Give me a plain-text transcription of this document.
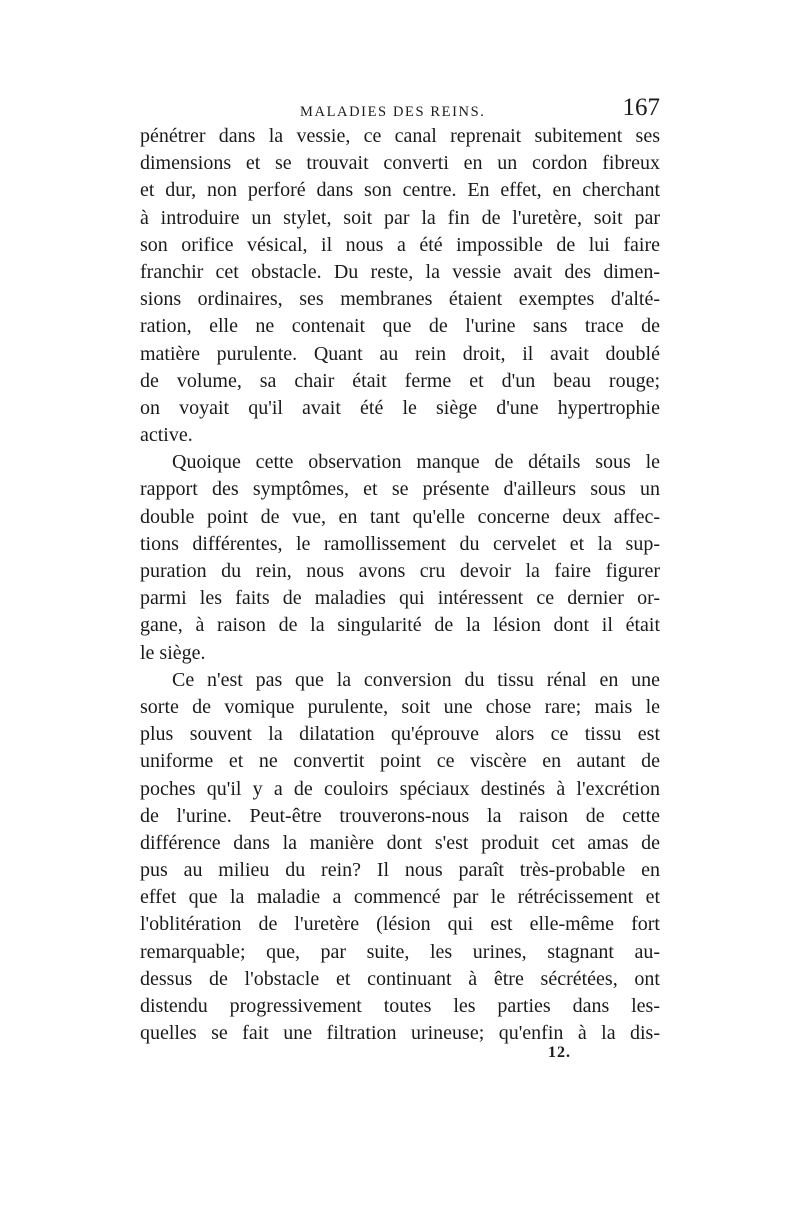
MALADIES DES REINS.	167
pénétrer dans la vessie, ce canal reprenait subitement ses
dimensions et se trouvait converti en un cordon fibreux
et dur, non perforé dans son centre. En effet, en cherchant
à introduire un stylet, soit par la fin de l'uretère, soit par
son orifice vésical, il nous a été impossible de lui faire
franchir cet obstacle. Du reste, la vessie avait des dimen-
sions ordinaires, ses membranes étaient exemptes d'alté-
ration, elle ne contenait que de l'urine sans trace de
matière purulente. Quant au rein droit, il avait doublé
de volume, sa chair était ferme et d'un beau rouge;
on voyait qu'il avait été le siège d'une hypertrophie
active.
Quoique cette observation manque de détails sous le
rapport des symptômes, et se présente d'ailleurs sous un
double point de vue, en tant qu'elle concerne deux affec-
tions différentes, le ramollissement du cervelet et la sup-
puration du rein, nous avons cru devoir la faire figurer
parmi les faits de maladies qui intéressent ce dernier or-
gane, à raison de la singularité de la lésion dont il était
le siège.
Ce n'est pas que la conversion du tissu rénal en une
sorte de vomique purulente, soit une chose rare; mais le
plus souvent la dilatation qu'éprouve alors ce tissu est
uniforme et ne convertit point ce viscère en autant de
poches qu'il y a de couloirs spéciaux destinés à l'excrétion
de l'urine. Peut-être trouverons-nous la raison de cette
différence dans la manière dont s'est produit cet amas de
pus au milieu du rein? Il nous paraît très-probable en
effet que la maladie a commencé par le rétrécissement et
l'oblitération de l'uretère (lésion qui est elle-même fort
remarquable; que, par suite, les urines, stagnant au-
dessus de l'obstacle et continuant à être sécrétées, ont
distendu progressivement toutes les parties dans les-
quelles se fait une filtration urineuse; qu'enfin à la dis-
12.
